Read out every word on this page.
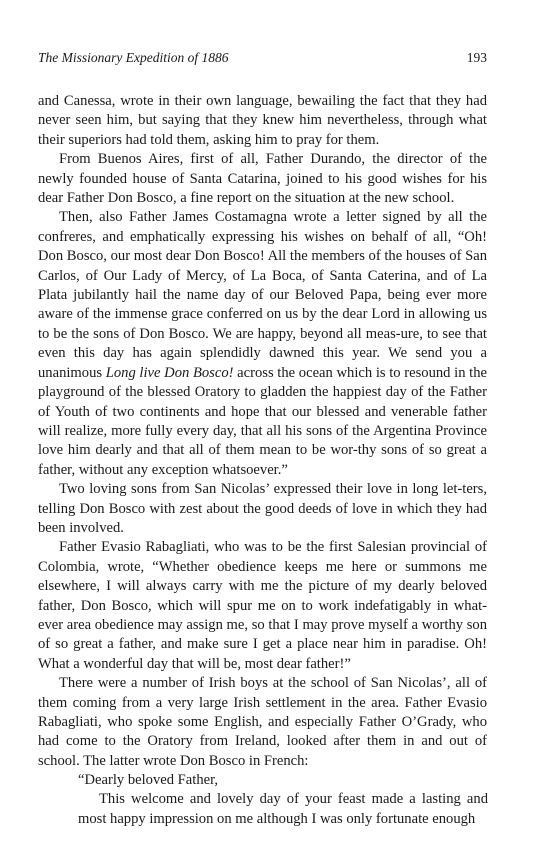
The Missionary Expedition of 1886	193

and Canessa, wrote in their own language, bewailing the fact that they had never seen him, but saying that they knew him nevertheless, through what their superiors had told them, asking him to pray for them.

From Buenos Aires, first of all, Father Durando, the director of the newly founded house of Santa Catarina, joined to his good wishes for his dear Father Don Bosco, a fine report on the situation at the new school.

Then, also Father James Costamagna wrote a letter signed by all the confreres, and emphatically expressing his wishes on behalf of all, “Oh! Don Bosco, our most dear Don Bosco! All the members of the houses of San Carlos, of Our Lady of Mercy, of La Boca, of Santa Caterina, and of La Plata jubilantly hail the name day of our Beloved Papa, being ever more aware of the immense grace conferred on us by the dear Lord in allowing us to be the sons of Don Bosco. We are happy, beyond all meas-ure, to see that even this day has again splendidly dawned this year. We send you a unanimous Long live Don Bosco! across the ocean which is to resound in the playground of the blessed Oratory to gladden the happiest day of the Father of Youth of two continents and hope that our blessed and venerable father will realize, more fully every day, that all his sons of the Argentina Province love him dearly and that all of them mean to be wor-thy sons of so great a father, without any exception whatsoever.”

Two loving sons from San Nicolas’ expressed their love in long let-ters, telling Don Bosco with zest about the good deeds of love in which they had been involved.

Father Evasio Rabagliati, who was to be the first Salesian provincial of Colombia, wrote, “Whether obedience keeps me here or summons me elsewhere, I will always carry with me the picture of my dearly beloved father, Don Bosco, which will spur me on to work indefatigably in what-ever area obedience may assign me, so that I may prove myself a worthy son of so great a father, and make sure I get a place near him in paradise. Oh! What a wonderful day that will be, most dear father!”

There were a number of Irish boys at the school of San Nicolas’, all of them coming from a very large Irish settlement in the area. Father Evasio Rabagliati, who spoke some English, and especially Father O’Grady, who had come to the Oratory from Ireland, looked after them in and out of school. The latter wrote Don Bosco in French:

“Dearly beloved Father,

This welcome and lovely day of your feast made a lasting and most happy impression on me although I was only fortunate enough
